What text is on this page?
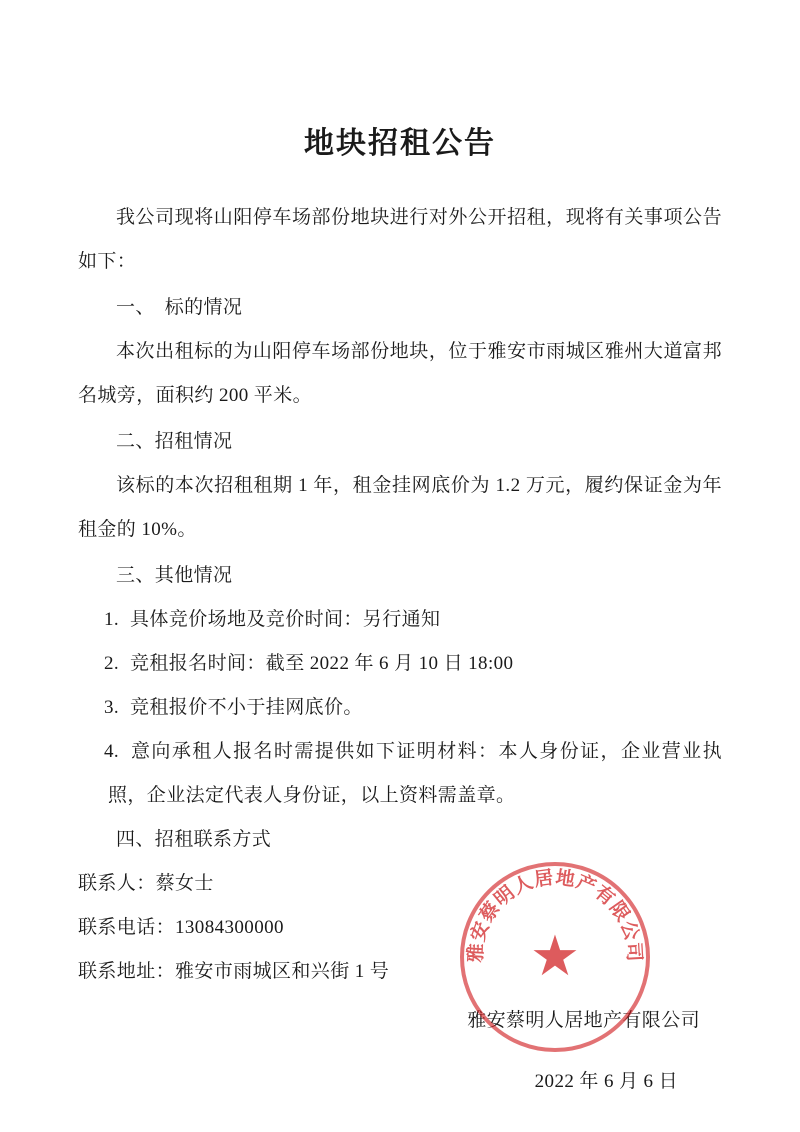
地块招租公告

我公司现将山阳停车场部份地块进行对外公开招租，现将有关事项公告如下：

一、　标的情况

本次出租标的为山阳停车场部份地块，位于雅安市雨城区雅州大道富邦名城旁，面积约 200 平米。

二、招租情况

该标的本次招租租期 1 年，租金挂网底价为 1.2 万元，履约保证金为年租金的 10%。

三、其他情况

1. 具体竞价场地及竞价时间：另行通知
2. 竞租报名时间：截至 2022 年 6 月 10 日 18:00
3. 竞租报价不小于挂网底价。
4. 意向承租人报名时需提供如下证明材料：本人身份证，企业营业执照，企业法定代表人身份证，以上资料需盖章。

四、招租联系方式

联系人：蔡女士

联系电话：13084300000

联系地址：雅安市雨城区和兴街 1 号

雅安蔡明人居地产有限公司

2022 年 6 月 6 日

雅安蔡明人居地产有限公司
★
